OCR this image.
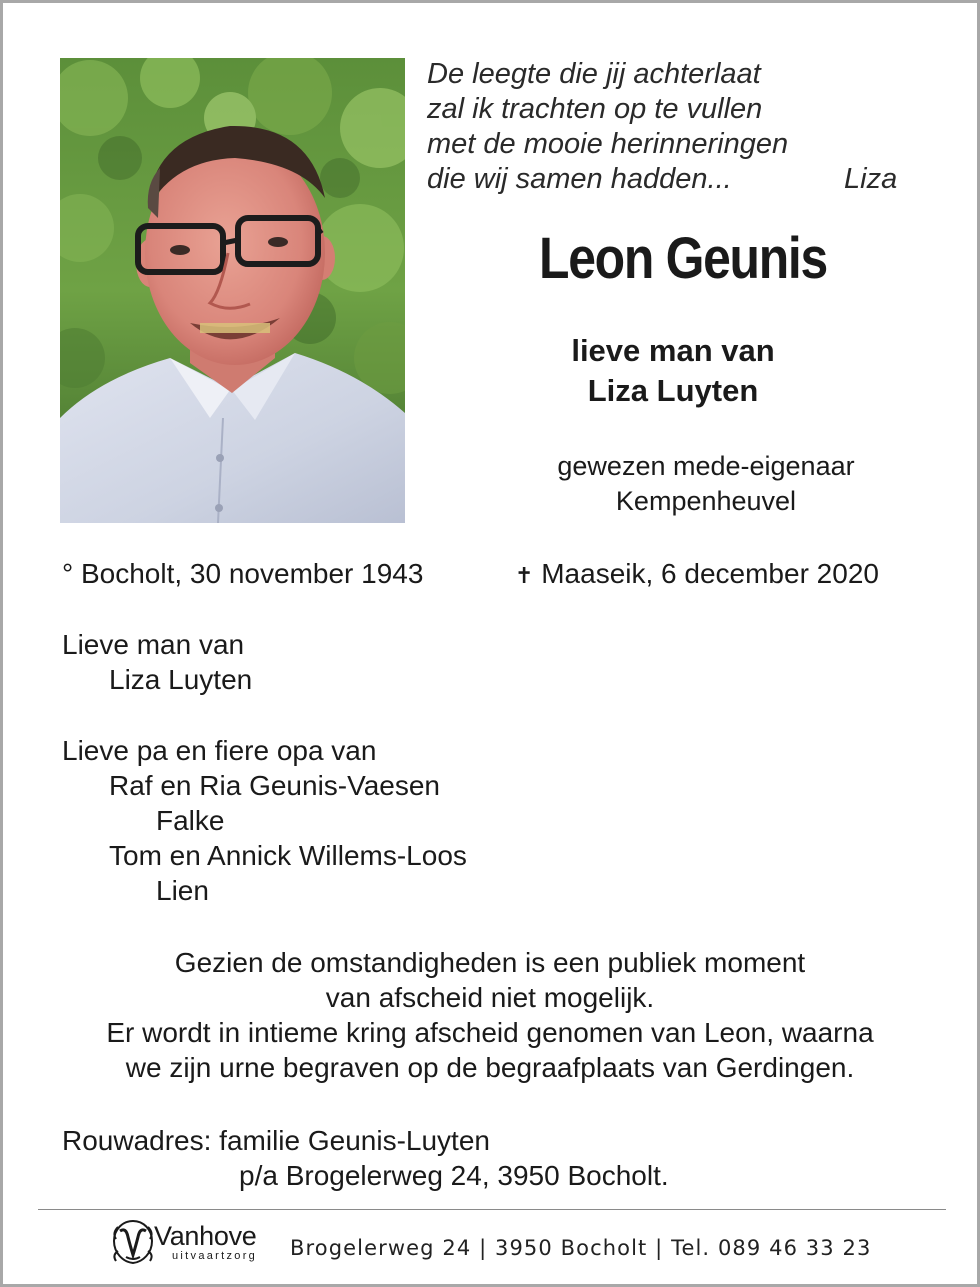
De leegte die jij achterlaat
zal ik trachten op te vullen
met de mooie herinneringen
die wij samen hadden...	Liza
Leon Geunis
lieve man van
Liza Luyten
gewezen mede-eigenaar
Kempenheuvel
° Bocholt, 30 november 1943	✝ Maaseik, 6 december 2020
Lieve man van
Liza Luyten
Lieve pa en fiere opa van
Raf en Ria Geunis-Vaesen
Falke
Tom en Annick Willems-Loos
Lien
Gezien de omstandigheden is een publiek moment
van afscheid niet mogelijk.
Er wordt in intieme kring afscheid genomen van Leon, waarna
we zijn urne begraven op de begraafplaats van Gerdingen.
Rouwadres: familie Geunis-Luyten
p/a Brogelerweg 24, 3950 Bocholt.
Vanhove
uitvaartzorg Brogelerweg 24 | 3950 Bocholt | Tel. 089 46 33 23
